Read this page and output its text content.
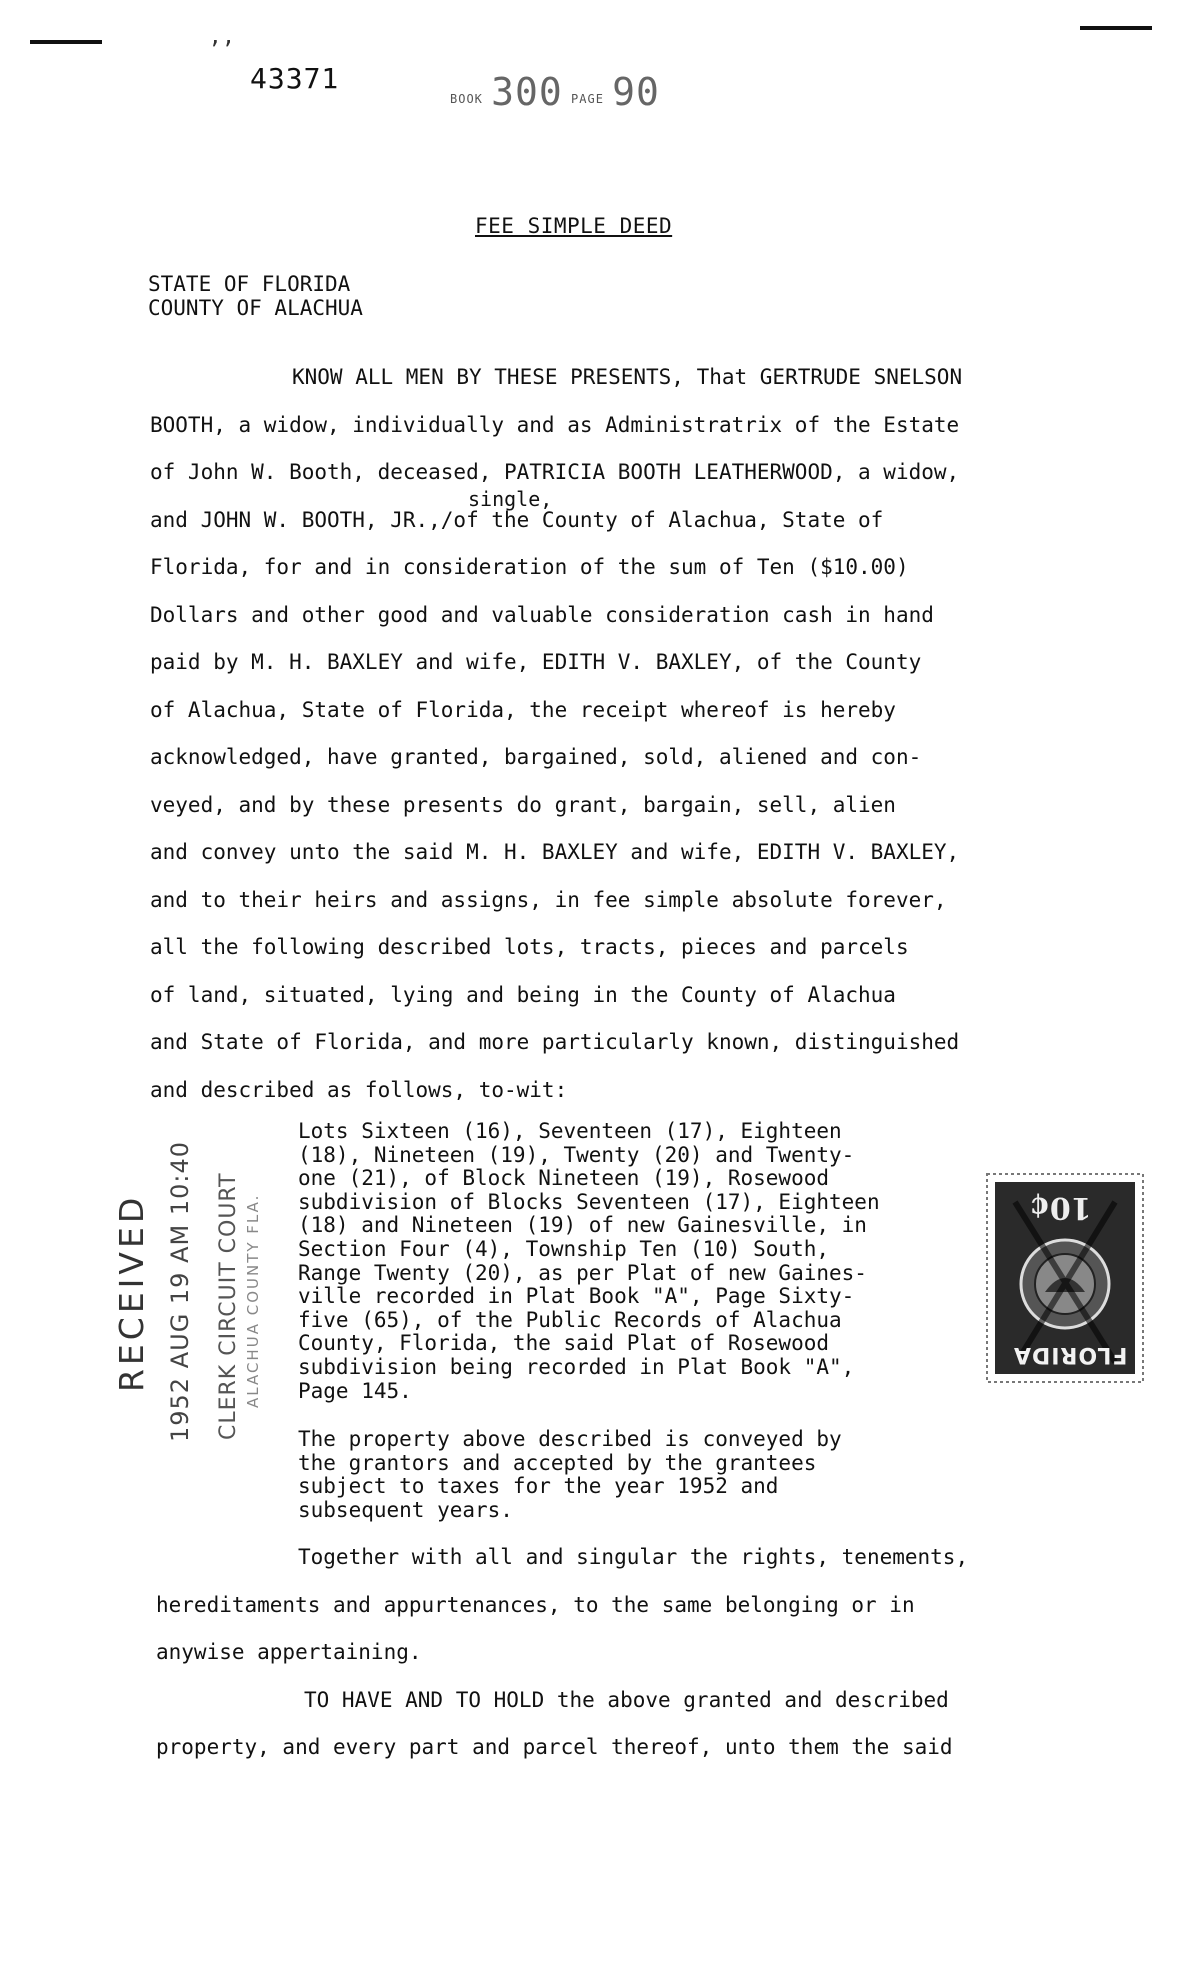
’’
43371
BOOK 300 PAGE 90
FEE SIMPLE DEED
STATE OF FLORIDA
COUNTY OF ALACHUA
single,

KNOW ALL MEN BY THESE PRESENTS, That GERTRUDE SNELSON

BOOTH, a widow, individually and as Administratrix of the Estate

of John W. Booth, deceased, PATRICIA BOOTH LEATHERWOOD, a widow,

and JOHN W. BOOTH, JR.,/of the County of Alachua, State of

Florida, for and in consideration of the sum of Ten ($10.00)

Dollars and other good and valuable consideration cash in hand

paid by M. H. BAXLEY and wife, EDITH V. BAXLEY, of the County

of Alachua, State of Florida, the receipt whereof is hereby

acknowledged, have granted, bargained, sold, aliened and con-

veyed, and by these presents do grant, bargain, sell, alien

and convey unto the said M. H. BAXLEY and wife, EDITH V. BAXLEY,

and to their heirs and assigns, in fee simple absolute forever,

all the following described lots, tracts, pieces and parcels

of land, situated, lying and being in the County of Alachua

and State of Florida, and more particularly known, distinguished

and described as follows, to-wit:

Lots Sixteen (16), Seventeen (17), Eighteen

(18), Nineteen (19), Twenty (20) and Twenty-

one (21), of Block Nineteen (19), Rosewood

subdivision of Blocks Seventeen (17), Eighteen

(18) and Nineteen (19) of new Gainesville, in

Section Four (4), Township Ten (10) South,

Range Twenty (20), as per Plat of new Gaines-

ville recorded in Plat Book "A", Page Sixty-

five (65), of the Public Records of Alachua

County, Florida, the said Plat of Rosewood

subdivision being recorded in Plat Book "A",

Page 145.

The property above described is conveyed by

the grantors and accepted by the grantees

subject to taxes for the year 1952 and

subsequent years.

Together with all and singular the rights, tenements,

hereditaments and appurtenances, to the same belonging or in

anywise appertaining.

TO HAVE AND TO HOLD the above granted and described

property, and every part and parcel thereof, unto them the said

RECEIVED 1952 AUG 19 AM 10:40 CLERK CIRCUIT COURT ALACHUA COUNTY FLA.	10¢
FLORIDA
